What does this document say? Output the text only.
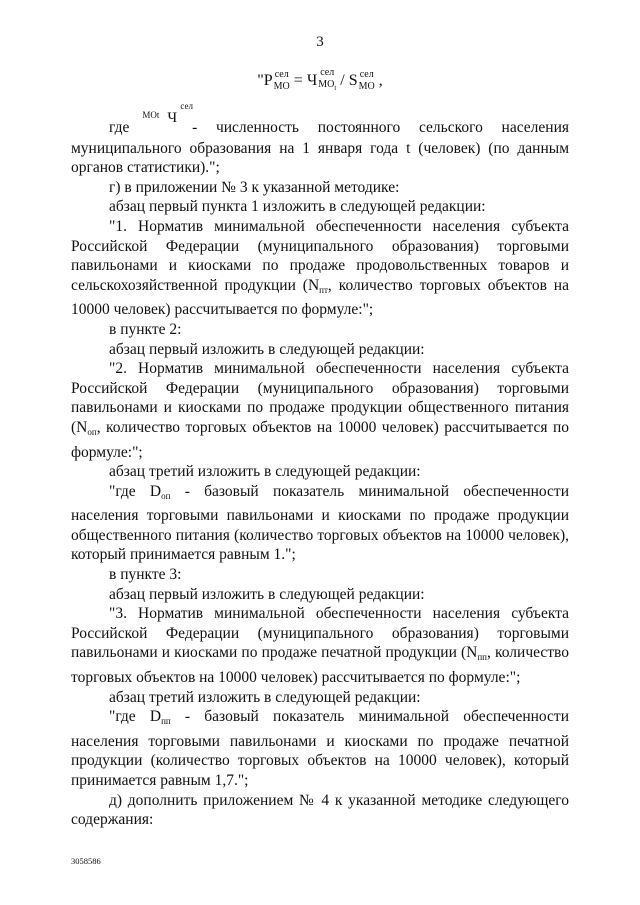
3
"P сел
МО = Ч сел
$МО_t$ / S сел
МО ,

гдеЧ
сел
МОt
- численность постоянного сельского населения

муниципального образования на 1 января года t (человек) (по данным органов статистики).";

г) в приложении № 3 к указанной методике:

абзац первый пункта 1 изложить в следующей редакции:

"1. Норматив минимальной обеспеченности населения субъекта Российской Федерации (муниципального образования) торговыми павильонами и киосками по продаже продовольственных товаров и сельскохозяйственной продукции (Nпт, количество торговых объектов на 10000 человек) рассчитывается по формуле:";

в пункте 2:

абзац первый изложить в следующей редакции:

"2. Норматив минимальной обеспеченности населения субъекта Российской Федерации (муниципального образования) торговыми павильонами и киосками по продаже продукции общественного питания (Nоп, количество торговых объектов на 10000 человек) рассчитывается по формуле:";

абзац третий изложить в следующей редакции:

"где Dоп - базовый показатель минимальной обеспеченности населения торговыми павильонами и киосками по продаже продукции общественного питания (количество торговых объектов на 10000 человек), который принимается равным 1.";

в пункте 3:

абзац первый изложить в следующей редакции:

"3. Норматив минимальной обеспеченности населения субъекта Российской Федерации (муниципального образования) торговыми павильонами и киосками по продаже печатной продукции (Nпп, количество торговых объектов на 10000 человек) рассчитывается по формуле:";

абзац третий изложить в следующей редакции:

"где Dпп - базовый показатель минимальной обеспеченности населения торговыми павильонами и киосками по продаже печатной продукции (количество торговых объектов на 10000 человек), который принимается равным 1,7.";

д) дополнить приложением № 4 к указанной методике следующего содержания:

3058586
